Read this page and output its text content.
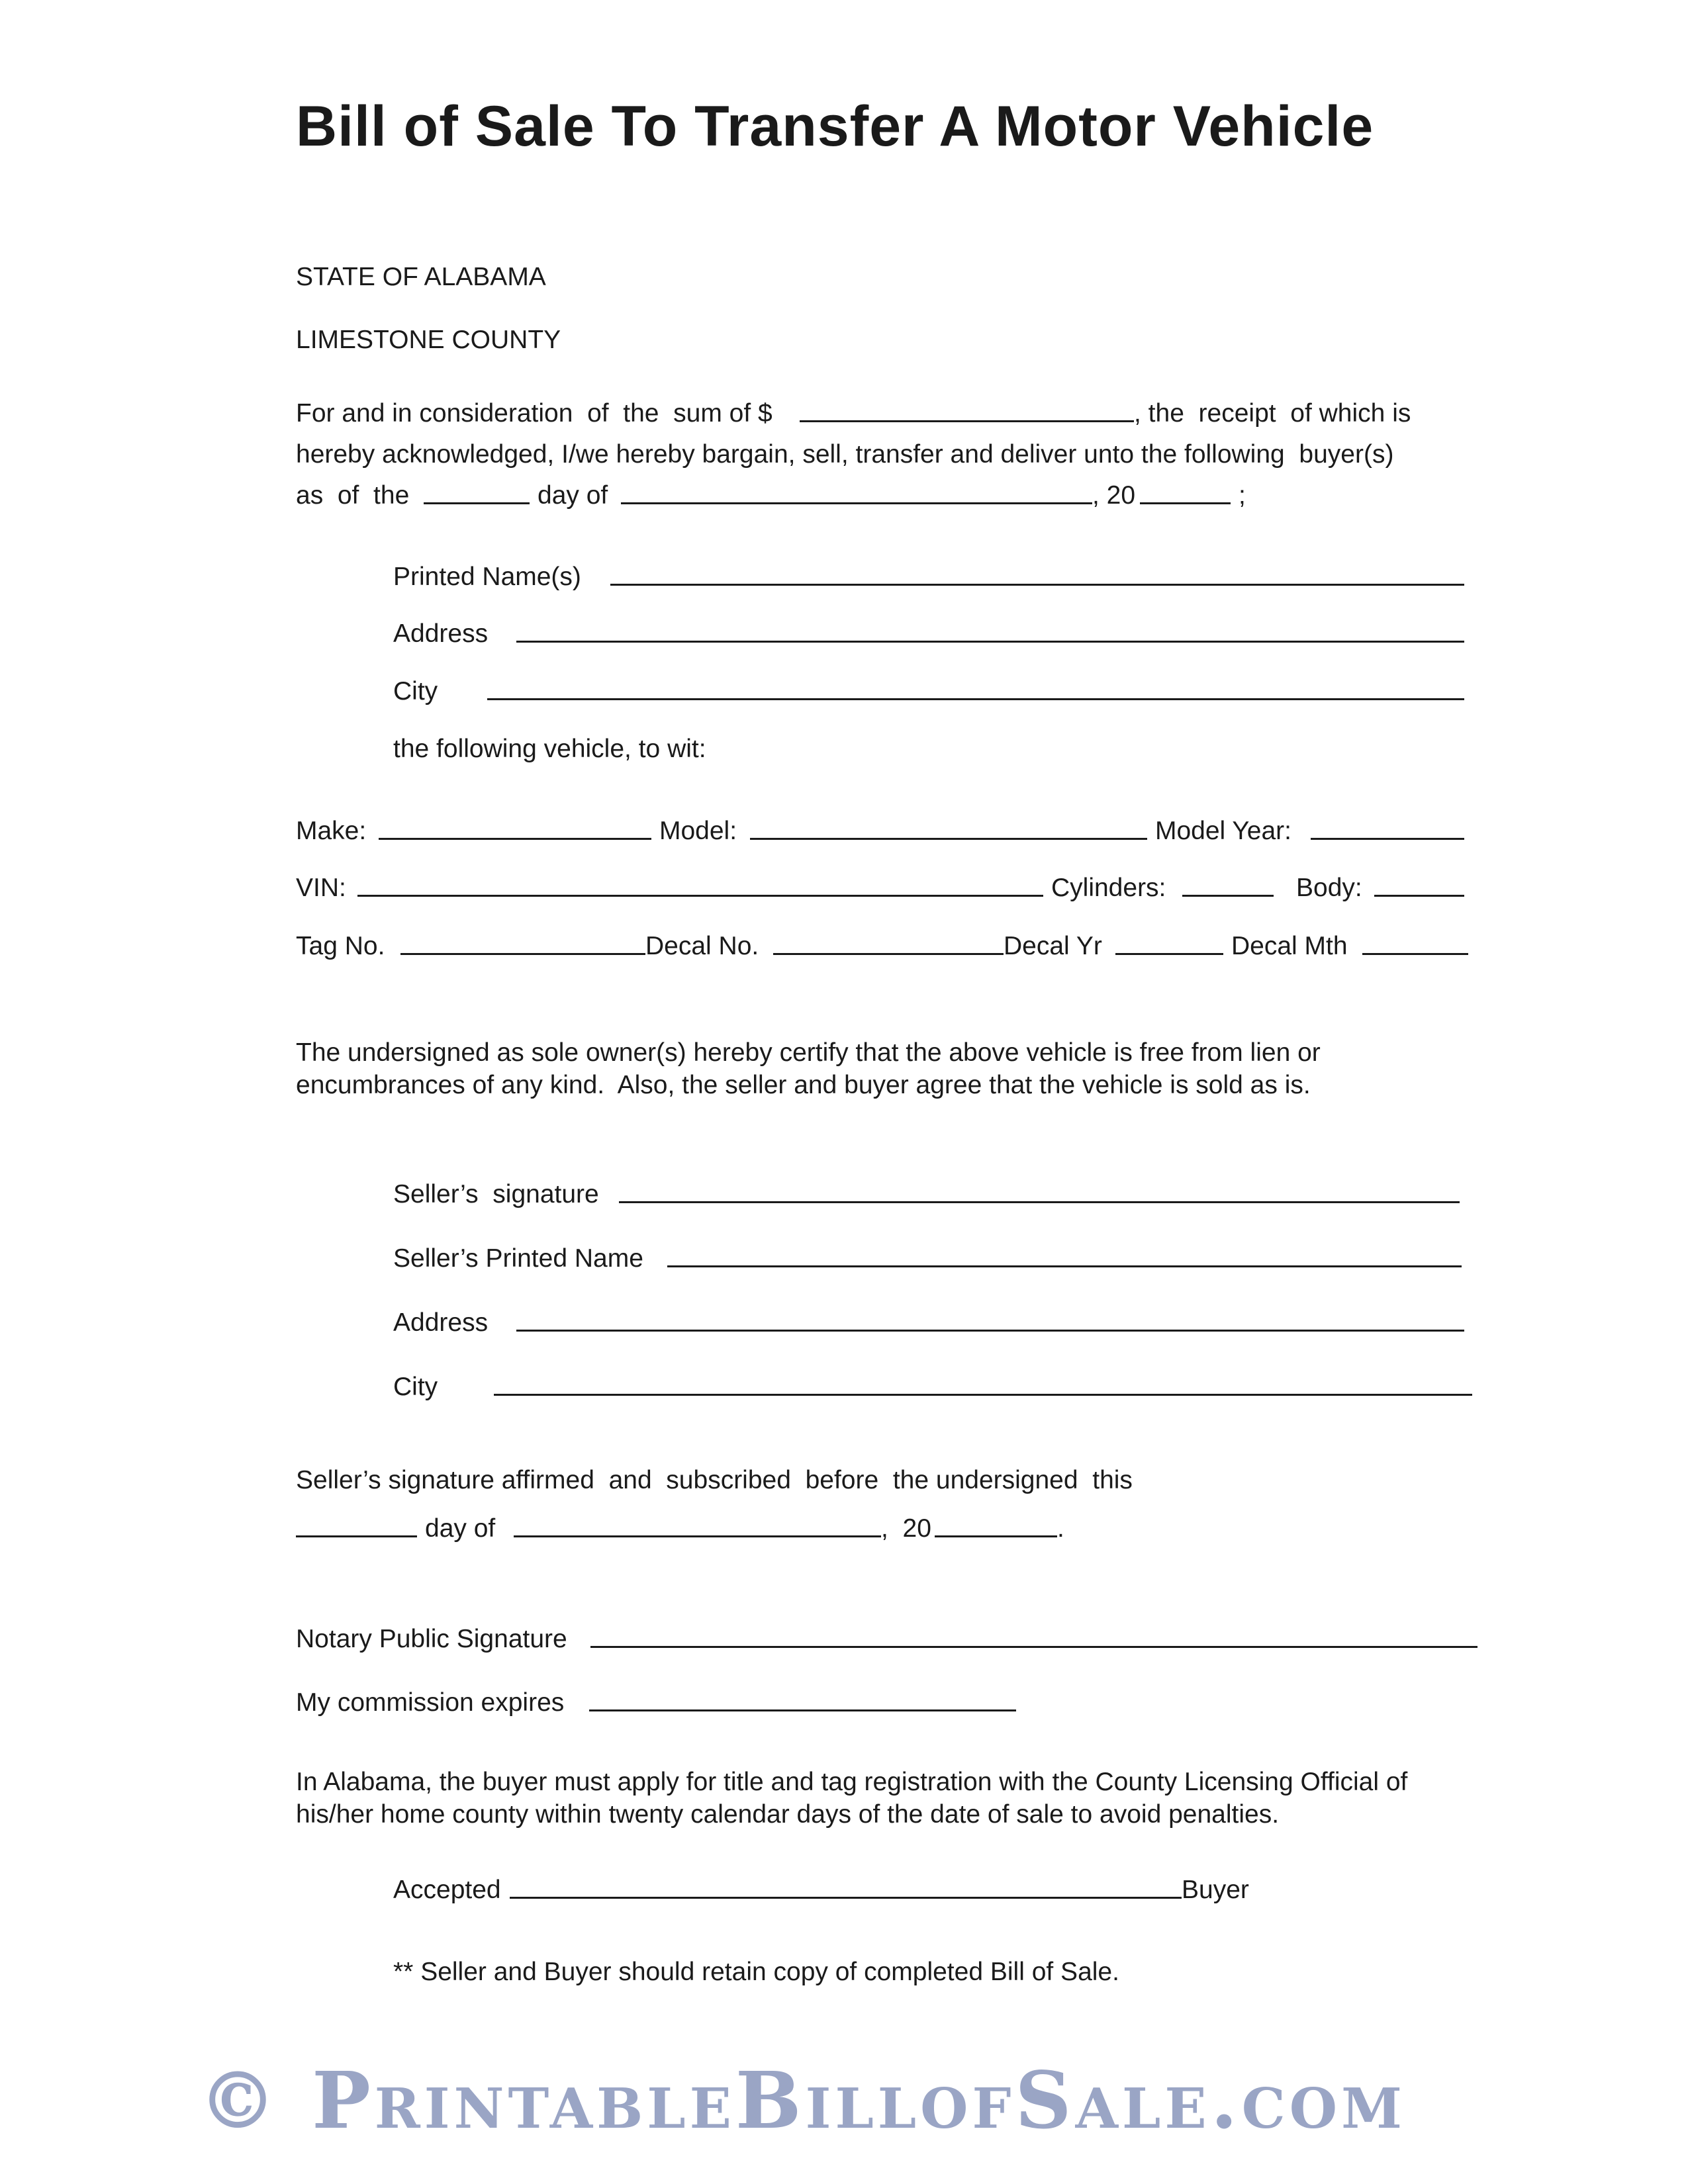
Bill of Sale To Transfer A Motor Vehicle
STATE OF ALABAMA
LIMESTONE COUNTY
For and in consideration  of  the  sum of $	, the  receipt  of which is
hereby acknowledged, I/we hereby bargain, sell, transfer and deliver unto the following  buyer(s)
as  of  the	day of	, 20	;
Printed Name(s)
Address
City
the following vehicle, to wit:
Make:	Model:	Model Year:
VIN:	Cylinders:	Body:
Tag No.	Decal No.	Decal Yr	Decal Mth
The undersigned as sole owner(s) hereby certify that the above vehicle is free from lien or
encumbrances of any kind.  Also, the seller and buyer agree that the vehicle is sold as is.
Seller’s  signature
Seller’s Printed Name
Address
City
Seller’s signature affirmed  and  subscribed  before  the undersigned  this
day of	,  20	.
Notary Public Signature
My commission expires
In Alabama, the buyer must apply for title and tag registration with the County Licensing Official of
his/her home county within twenty calendar days of the date of sale to avoid penalties.
Accepted	Buyer
** Seller and Buyer should retain copy of completed Bill of Sale.
© PrintableBillofSale.com
